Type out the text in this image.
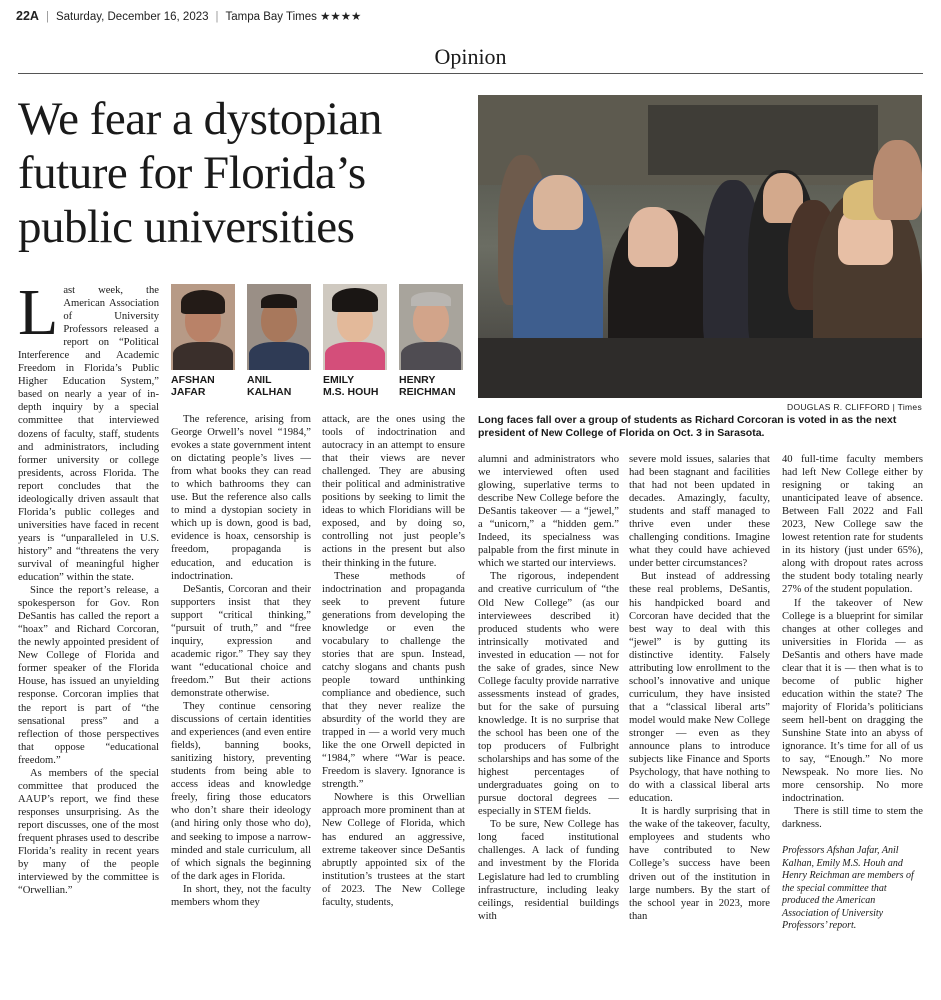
22A | Saturday, December 16, 2023 | Tampa Bay Times ★★★★
Opinion
We fear a dystopian future for Florida’s public universities
DOUGLAS R. CLIFFORD | Times
Long faces fall over a group of students as Richard Corcoran is voted in as the next president of New College of Florida on Oct. 3 in Sarasota.
AFSHAN
JAFAR
ANIL
KALHAN
EMILY
M.S. HOUH
HENRY
REICHMAN

Last week, the American Association of University Professors released a report on “Political Interference and Academic Freedom in Florida’s Public Higher Education System,” based on nearly a year of in-depth inquiry by a special committee that interviewed dozens of faculty, staff, students and administrators, including former university or college presidents, across Florida. The report concludes that the ideologically driven assault that Florida’s public colleges and universities have faced in recent years is “unparalleled in U.S. history” and “threatens the very survival of meaningful higher education” within the state.

Since the report’s release, a spokesperson for Gov. Ron DeSantis has called the report a “hoax” and Richard Corcoran, the newly appointed president of New College of Florida and former speaker of the Florida House, has issued an unyielding response. Corcoran implies that the report is part of “the sensational press” and a reflection of those perspectives that oppose “educational freedom.”

As members of the special committee that produced the AAUP’s report, we find these responses unsurprising. As the report discusses, one of the most frequent phrases used to describe Florida’s reality in recent years by many of the people interviewed by the committee is “Orwellian.”

The reference, arising from George Orwell’s novel “1984,” evokes a state government intent on dictating people’s lives — from what books they can read to which bathrooms they can use. But the reference also calls to mind a dystopian society in which up is down, good is bad, evidence is hoax, censorship is freedom, propaganda is education, and education is indoctrination.

DeSantis, Corcoran and their supporters insist that they support “critical thinking,” “pursuit of truth,” and “free inquiry, expression and academic rigor.” They say they want “educational choice and freedom.” But their actions demonstrate otherwise.

They continue censoring discussions of certain identities and experiences (and even entire fields), banning books, sanitizing history, preventing students from being able to access ideas and knowledge freely, firing those educators who don’t share their ideology (and hiring only those who do), and seeking to impose a narrow-minded and stale curriculum, all of which signals the beginning of the dark ages in Florida.

In short, they, not the faculty members whom they

attack, are the ones using the tools of indoctrination and autocracy in an attempt to ensure that their views are never challenged. They are abusing their political and administrative positions by seeking to limit the ideas to which Floridians will be exposed, and by doing so, controlling not just people’s actions in the present but also their thinking in the future.

These methods of indoctrination and propaganda seek to prevent future generations from developing the knowledge or even the vocabulary to challenge the stories that are spun. Instead, catchy slogans and chants push people toward unthinking compliance and obedience, such that they never realize the absurdity of the world they are trapped in — a world very much like the one Orwell depicted in “1984,” where “War is peace. Freedom is slavery. Ignorance is strength.”

Nowhere is this Orwellian approach more prominent than at New College of Florida, which has endured an aggressive, extreme takeover since DeSantis abruptly appointed six of the institution’s trustees at the start of 2023. The New College faculty, students,

alumni and administrators who we interviewed often used glowing, superlative terms to describe New College before the DeSantis takeover — a “jewel,” a “unicorn,” a “hidden gem.” Indeed, its specialness was palpable from the first minute in which we started our interviews.

The rigorous, independent and creative curriculum of “the Old New College” (as our interviewees described it) produced students who were intrinsically motivated and invested in education — not for the sake of grades, since New College faculty provide narrative assessments instead of grades, but for the sake of pursuing knowledge. It is no surprise that the school has been one of the top producers of Fulbright scholarships and has some of the highest percentages of undergraduates going on to pursue doctoral degrees — especially in STEM fields.

To be sure, New College has long faced institutional challenges. A lack of funding and investment by the Florida Legislature had led to crumbling infrastructure, including leaky ceilings, residential buildings with

severe mold issues, salaries that had been stagnant and facilities that had not been updated in decades. Amazingly, faculty, students and staff managed to thrive even under these challenging conditions. Imagine what they could have achieved under better circumstances?

But instead of addressing these real problems, DeSantis, his handpicked board and Corcoran have decided that the best way to deal with this “jewel” is by gutting its distinctive identity. Falsely attributing low enrollment to the school’s innovative and unique curriculum, they have insisted that a “classical liberal arts” model would make New College stronger — even as they announce plans to introduce subjects like Finance and Sports Psychology, that have nothing to do with a classical liberal arts education.

It is hardly surprising that in the wake of the takeover, faculty, employees and students who have contributed to New College’s success have been driven out of the institution in large numbers. By the start of the school year in 2023, more than

40 full-time faculty members had left New College either by resigning or taking an unanticipated leave of absence. Between Fall 2022 and Fall 2023, New College saw the lowest retention rate for students in its history (just under 65%), along with dropout rates across the student body totaling nearly 27% of the student population.

If the takeover of New College is a blueprint for similar changes at other colleges and universities in Florida — as DeSantis and others have made clear that it is — then what is to become of public higher education within the state? The majority of Florida’s politicians seem hell-bent on dragging the Sunshine State into an abyss of ignorance. It’s time for all of us to say, “Enough.” No more Newspeak. No more lies. No more censorship. No more indoctrination.

There is still time to stem the darkness.

Professors Afshan Jafar, Anil Kalhan, Emily M.S. Houh and Henry Reichman are members of the special committee that produced the American Association of University Professors’ report.
